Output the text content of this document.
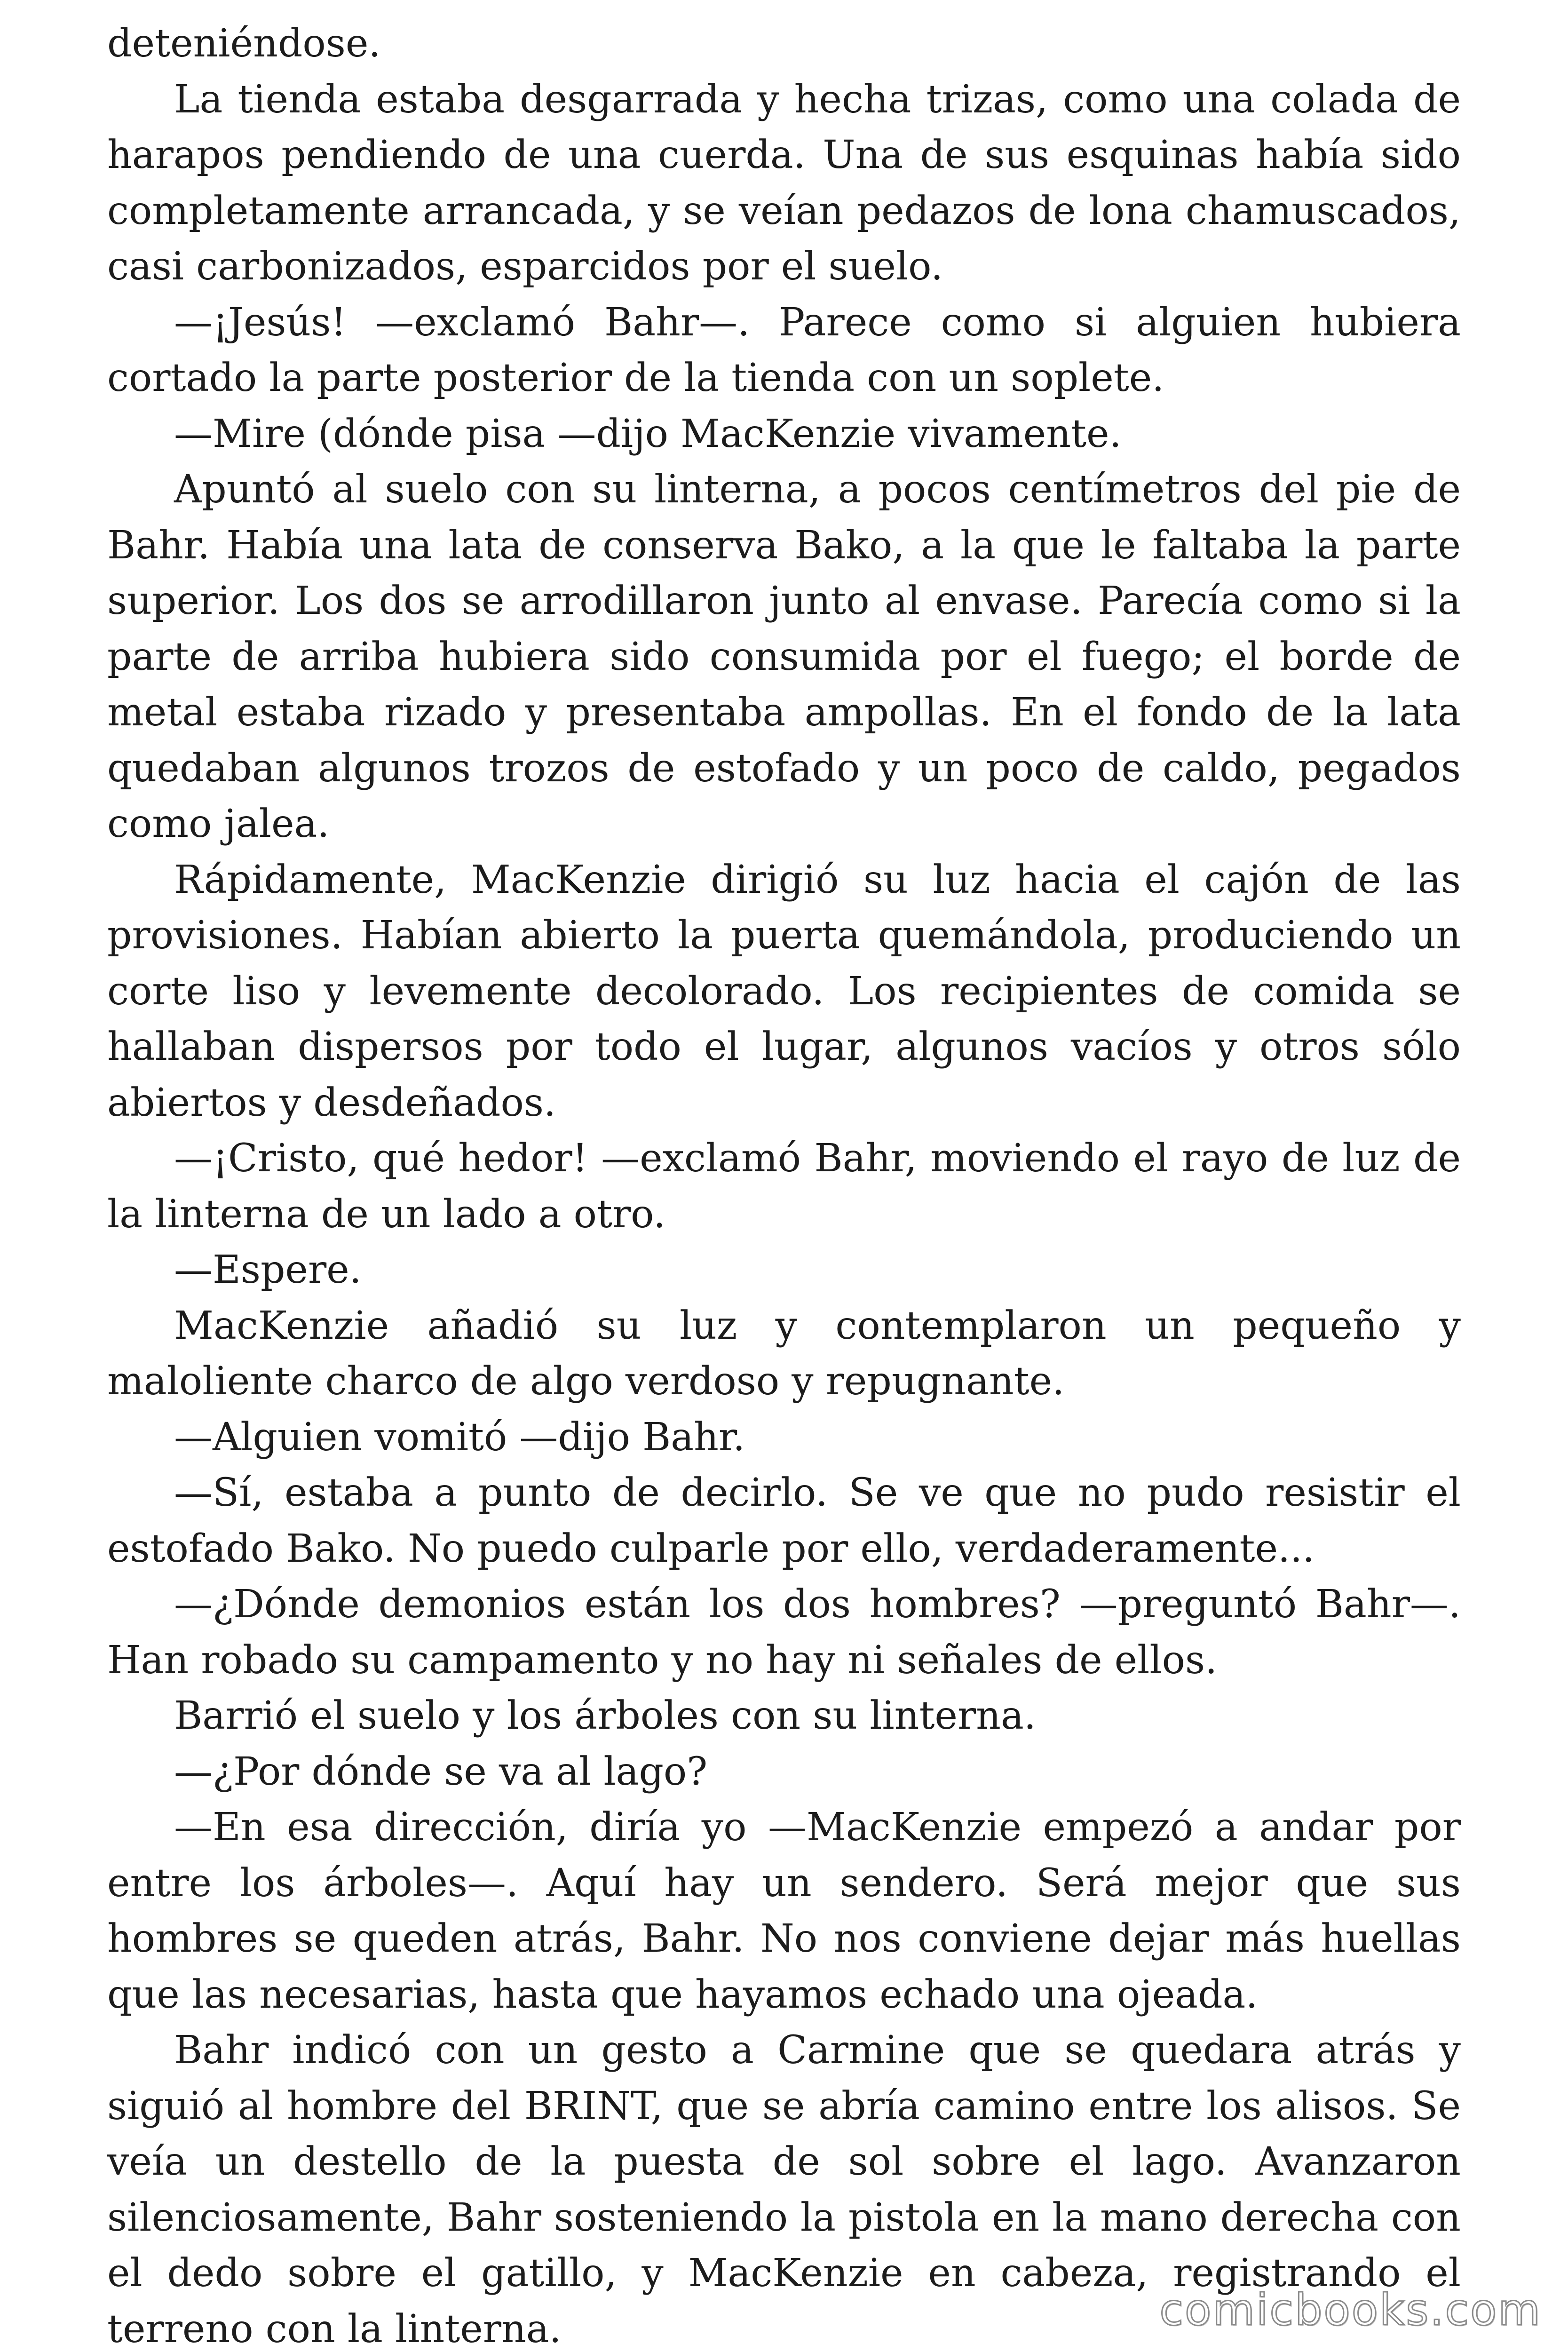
deteniéndose.

La tienda estaba desgarrada y hecha trizas, como una colada de harapos pendiendo de una cuerda. Una de sus esquinas había sido completamente arrancada, y se veían pedazos de lona chamuscados, casi carbonizados, esparcidos por el suelo.

—¡Jesús! —exclamó Bahr—. Parece como si alguien hubiera cortado la parte posterior de la tienda con un soplete.

—Mire (dónde pisa —dijo MacKenzie vivamente.

Apuntó al suelo con su linterna, a pocos centímetros del pie de Bahr. Había una lata de conserva Bako, a la que le faltaba la parte superior. Los dos se arrodillaron junto al envase. Parecía como si la parte de arriba hubiera sido consumida por el fuego; el borde de metal estaba rizado y presentaba ampollas. En el fondo de la lata quedaban algunos trozos de estofado y un poco de caldo, pegados como jalea.

Rápidamente, MacKenzie dirigió su luz hacia el cajón de las provisiones. Habían abierto la puerta quemándola, produciendo un corte liso y levemente decolorado. Los recipientes de comida se hallaban dispersos por todo el lugar, algunos vacíos y otros sólo abiertos y desdeñados.

—¡Cristo, qué hedor! —exclamó Bahr, moviendo el rayo de luz de la linterna de un lado a otro.

—Espere.

MacKenzie añadió su luz y contemplaron un pequeño y maloliente charco de algo verdoso y repugnante.

—Alguien vomitó —dijo Bahr.

—Sí, estaba a punto de decirlo. Se ve que no pudo resistir el estofado Bako. No puedo culparle por ello, verdaderamente...

—¿Dónde demonios están los dos hombres? —preguntó Bahr—. Han robado su campamento y no hay ni señales de ellos.

Barrió el suelo y los árboles con su linterna.

—¿Por dónde se va al lago?

—En esa dirección, diría yo —MacKenzie empezó a andar por entre los árboles—. Aquí hay un sendero. Será mejor que sus hombres se queden atrás, Bahr. No nos conviene dejar más huellas que las necesarias, hasta que hayamos echado una ojeada.

Bahr indicó con un gesto a Carmine que se quedara atrás y siguió al hombre del BRINT, que se abría camino entre los alisos. Se veía un destello de la puesta de sol sobre el lago. Avanzaron silenciosamente, Bahr sosteniendo la pistola en la mano derecha con el dedo sobre el gatillo, y MacKenzie en cabeza, registrando el terreno con la linterna.	comicbooks.com
